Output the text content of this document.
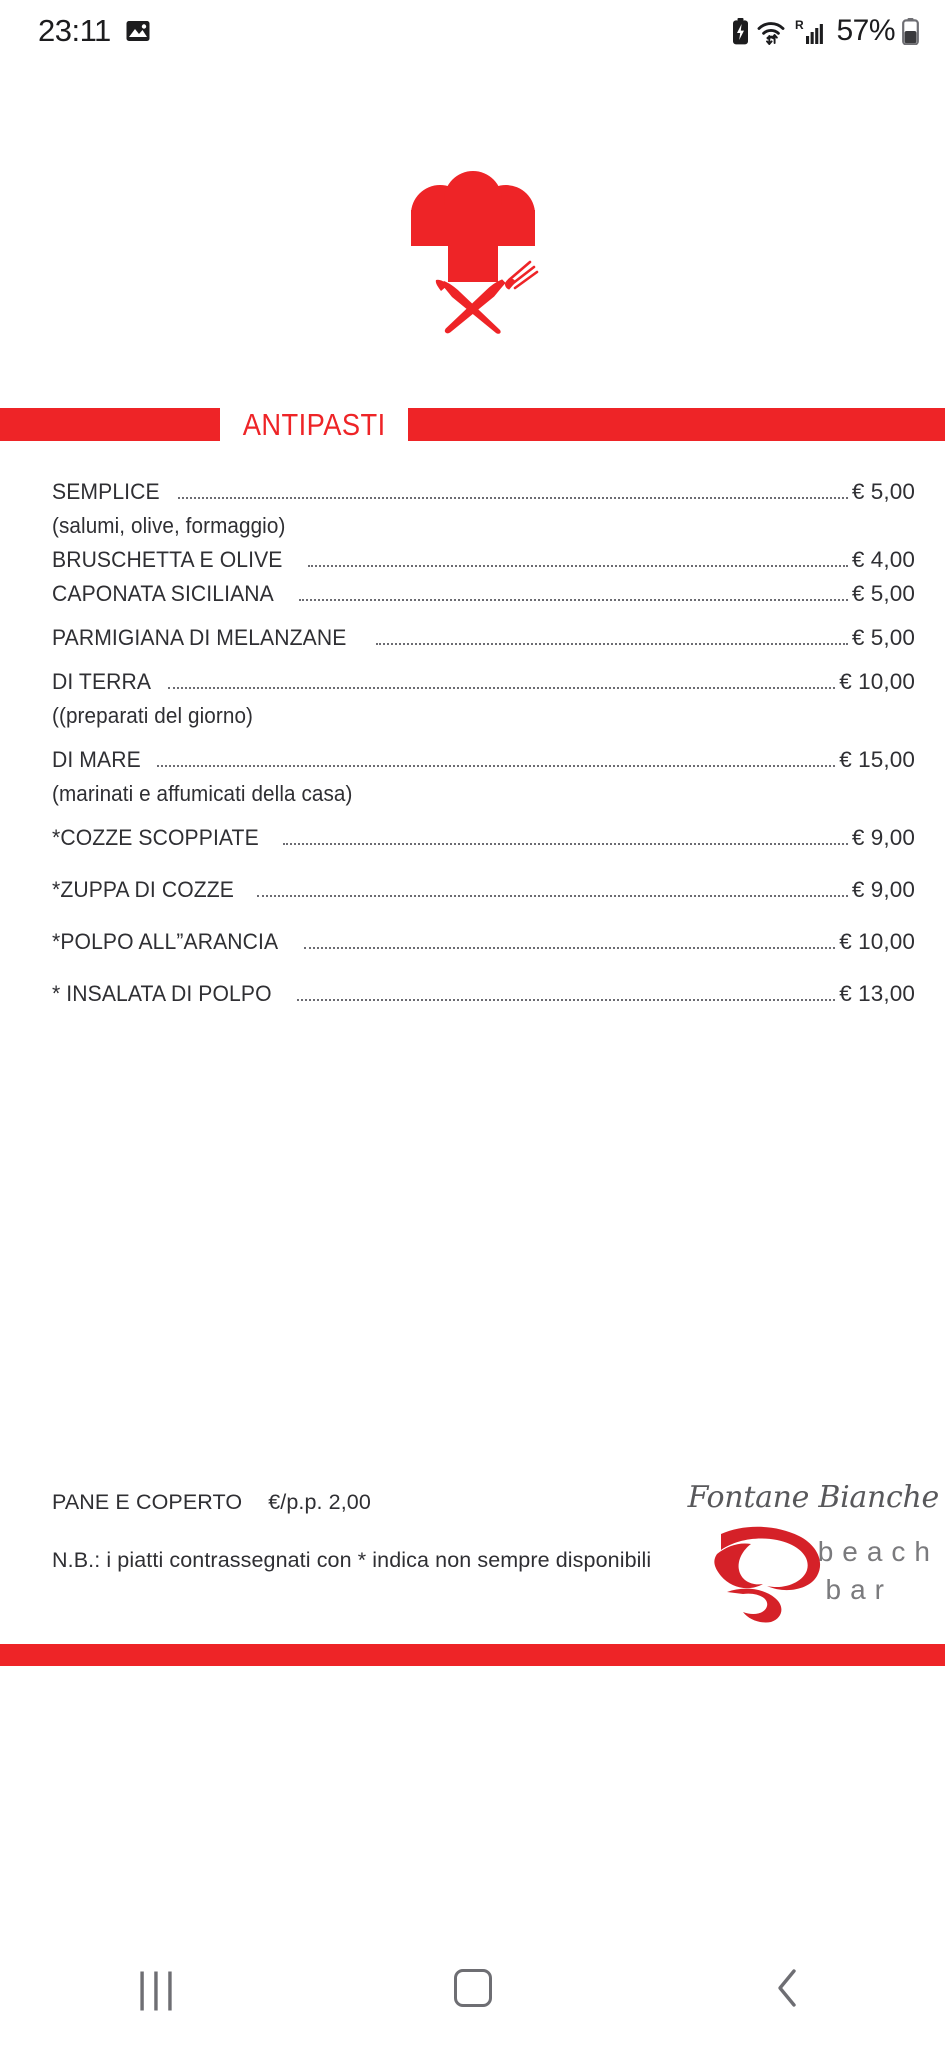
23:11	R 57%
ANTIPASTI
SEMPLICE	€ 5,00
(salumi, olive, formaggio)
BRUSCHETTA E OLIVE	€ 4,00
CAPONATA SICILIANA	€ 5,00
PARMIGIANA DI MELANZANE	€ 5,00
DI TERRA	€ 10,00
((preparati del giorno)
DI MARE	€ 15,00
(marinati e affumicati della casa)
*COZZE SCOPPIATE	€ 9,00
*ZUPPA DI COZZE	€ 9,00
*POLPO ALL”ARANCIA	€ 10,00
* INSALATA DI POLPO	€ 13,00
PANE E COPERTO €/p.p. 2,00
N.B.: i piatti contrassegnati con * indica non sempre disponibili
Fontane Bianche
beach
bar
|||
